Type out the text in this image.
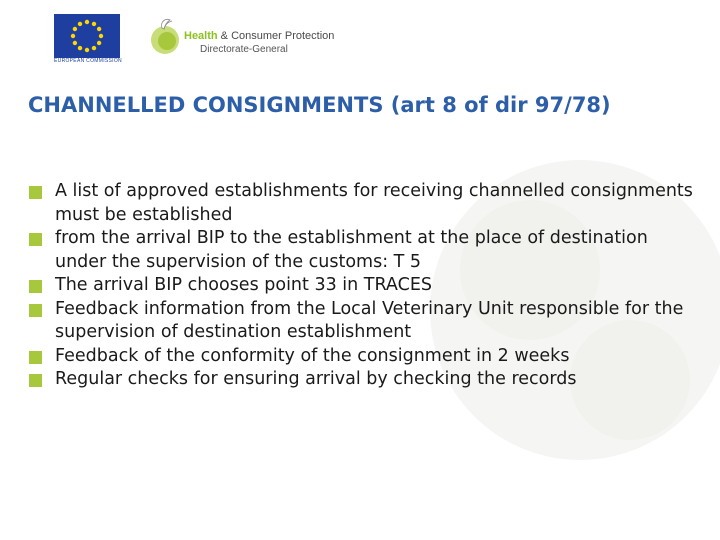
EUROPEAN COMMISSION
Health & Consumer Protection
Directorate-General
CHANNELLED CONSIGNMENTS (art 8 of dir 97/78)
A list of approved establishments for receiving channelled consignments must be established
from the arrival BIP to the establishment at the place of destination under the supervision of the customs: T 5
The arrival BIP chooses point 33 in TRACES
Feedback information from the Local Veterinary Unit responsible for the supervision of destination establishment
Feedback of the conformity of the consignment in 2 weeks
Regular checks for ensuring arrival by checking the records
